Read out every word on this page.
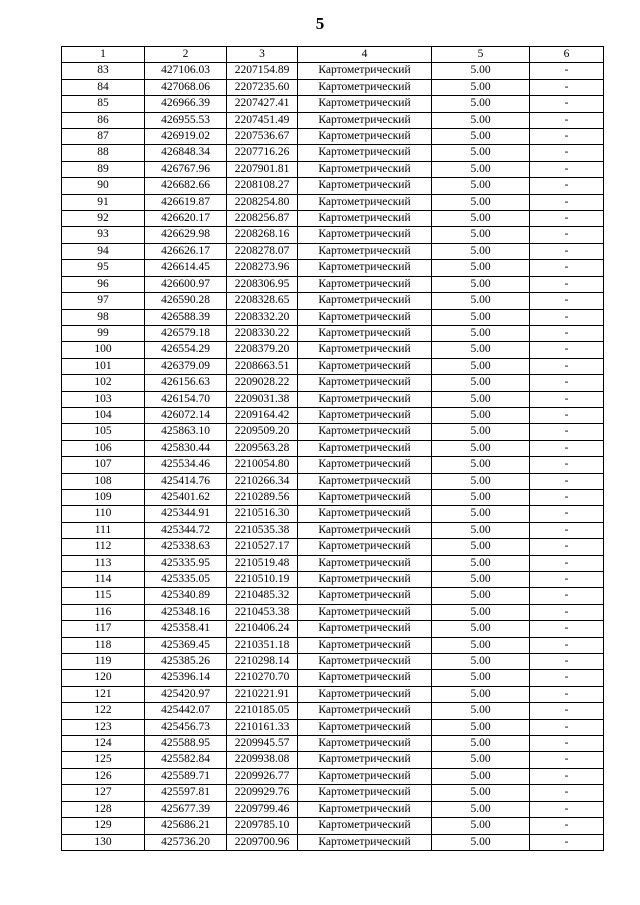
5
1	2	3	4	5	6
83	427106.03	2207154.89	Картометрический	5.00	-
84	427068.06	2207235.60	Картометрический	5.00	-
85	426966.39	2207427.41	Картометрический	5.00	-
86	426955.53	2207451.49	Картометрический	5.00	-
87	426919.02	2207536.67	Картометрический	5.00	-
88	426848.34	2207716.26	Картометрический	5.00	-
89	426767.96	2207901.81	Картометрический	5.00	-
90	426682.66	2208108.27	Картометрический	5.00	-
91	426619.87	2208254.80	Картометрический	5.00	-
92	426620.17	2208256.87	Картометрический	5.00	-
93	426629.98	2208268.16	Картометрический	5.00	-
94	426626.17	2208278.07	Картометрический	5.00	-
95	426614.45	2208273.96	Картометрический	5.00	-
96	426600.97	2208306.95	Картометрический	5.00	-
97	426590.28	2208328.65	Картометрический	5.00	-
98	426588.39	2208332.20	Картометрический	5.00	-
99	426579.18	2208330.22	Картометрический	5.00	-
100	426554.29	2208379.20	Картометрический	5.00	-
101	426379.09	2208663.51	Картометрический	5.00	-
102	426156.63	2209028.22	Картометрический	5.00	-
103	426154.70	2209031.38	Картометрический	5.00	-
104	426072.14	2209164.42	Картометрический	5.00	-
105	425863.10	2209509.20	Картометрический	5.00	-
106	425830.44	2209563.28	Картометрический	5.00	-
107	425534.46	2210054.80	Картометрический	5.00	-
108	425414.76	2210266.34	Картометрический	5.00	-
109	425401.62	2210289.56	Картометрический	5.00	-
110	425344.91	2210516.30	Картометрический	5.00	-
111	425344.72	2210535.38	Картометрический	5.00	-
112	425338.63	2210527.17	Картометрический	5.00	-
113	425335.95	2210519.48	Картометрический	5.00	-
114	425335.05	2210510.19	Картометрический	5.00	-
115	425340.89	2210485.32	Картометрический	5.00	-
116	425348.16	2210453.38	Картометрический	5.00	-
117	425358.41	2210406.24	Картометрический	5.00	-
118	425369.45	2210351.18	Картометрический	5.00	-
119	425385.26	2210298.14	Картометрический	5.00	-
120	425396.14	2210270.70	Картометрический	5.00	-
121	425420.97	2210221.91	Картометрический	5.00	-
122	425442.07	2210185.05	Картометрический	5.00	-
123	425456.73	2210161.33	Картометрический	5.00	-
124	425588.95	2209945.57	Картометрический	5.00	-
125	425582.84	2209938.08	Картометрический	5.00	-
126	425589.71	2209926.77	Картометрический	5.00	-
127	425597.81	2209929.76	Картометрический	5.00	-
128	425677.39	2209799.46	Картометрический	5.00	-
129	425686.21	2209785.10	Картометрический	5.00	-
130	425736.20	2209700.96	Картометрический	5.00	-
